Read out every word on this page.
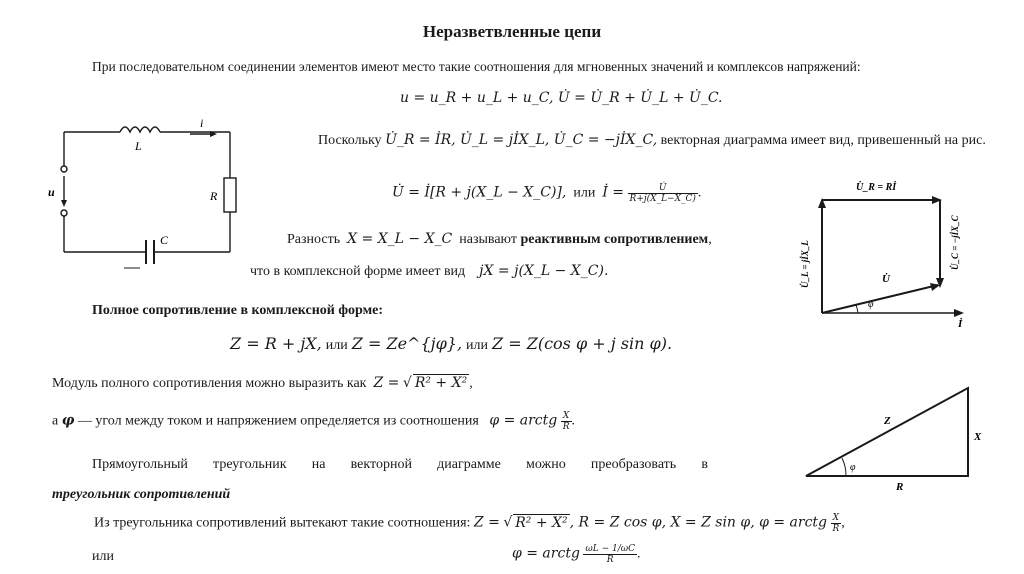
Неразветвленные цепи
При последовательном соединении элементов имеют место такие соотношения для мгновенных значений и комплексов напряжений:
u = u_R + u_L + u_C, U̇ = U̇_R + U̇_L + U̇_C.
Поскольку U̇_R = İR, U̇_L = jİX_L, U̇_C = −jİX_C, векторная диаграмма имеет вид, привешенный на рис.
U̇ = İ[R + j(X_L − X_C)], или İ = $\frac{U̇}{R+j(X\_L-X\_C)}$ .
Разность X = X_L − X_C называют реактивным сопротивлением,
что в комплексной форме имеет вид jX = j(X_L − X_C).
Полное сопротивление в комплексной форме:
Z = R + jX, или Z = Ze^{jφ}, или Z = Z(cos φ + j sin φ).
Модуль полного сопротивления можно выразить как Z = √ R² + X² ,
а φ — угол между током и напряжением определяется из соотношения φ = arctg $\frac{X}{R}$ .
Прямоугольный треугольник на векторной диаграмме можно преобразовать в
треугольник сопротивлений
Из треугольника сопротивлений вытекают такие соотношения: Z = √ R² + X² , R = Z cos φ, X = Z sin φ, φ = arctg $\frac{X}{R}$ ,
или	φ = arctg $\frac{\omega L - 1/\omega C}{R}$ .
L
i
u	R
C
U̇_R = Rİ
U̇_C = −jİX_C
U̇_L = jİX_L	U̇
φ
İ
Z
X
R
φ
